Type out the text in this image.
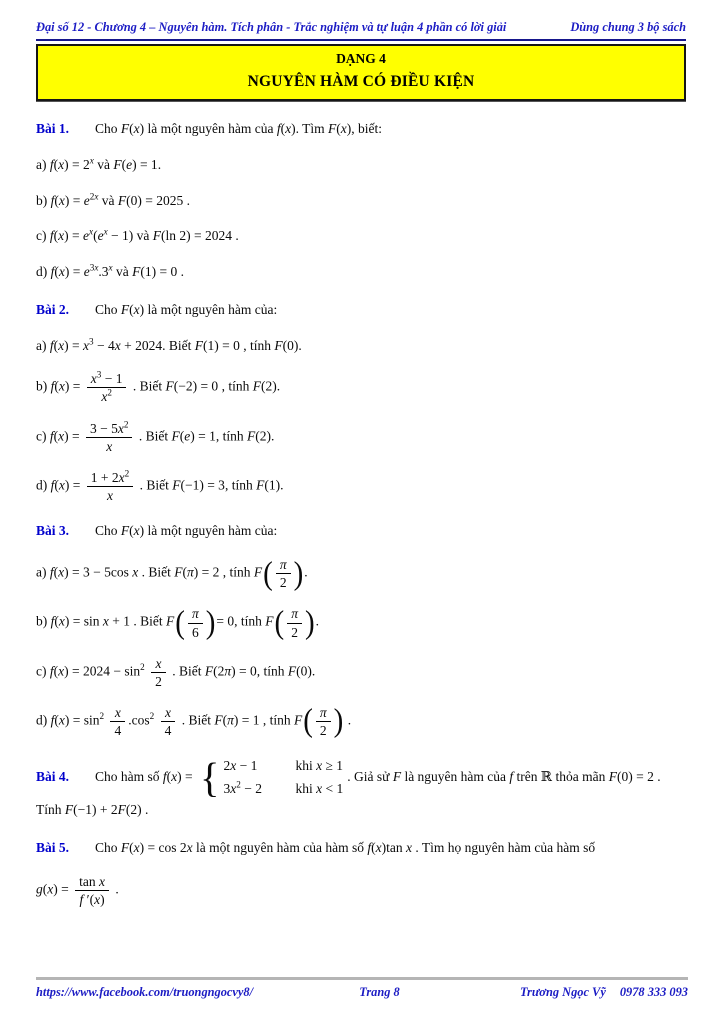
Đại số 12 - Chương 4 – Nguyên hàm. Tích phân - Trắc nghiệm và tự luận 4 phần có lời giải	Dùng chung 3 bộ sách
DẠNG 4
NGUYÊN HÀM CÓ ĐIỀU KIỆN
Bài 1. Cho F(x) là một nguyên hàm của f(x). Tìm F(x), biết:
a) $f(x) = 2^x$ và F(e) = 1.
b) $f(x) = e^{2x}$ và F(0) = 2025 .
c) $f(x) = e^x(e^x - 1)$ và F(ln 2) = 2024 .
d) $f(x) = e^{3x}.3^x$ và F(1) = 0 .
Bài 2. Cho F(x) là một nguyên hàm của:
a) $f(x) = x^3 - 4x + 2024$. Biết F(1) = 0 , tính F(0).
b) $f(x) = \frac{x^3 - 1}{x^2}$ . Biết F(−2) = 0 , tính F(2).
c) $f(x) = \frac{3 - 5x^2}{x}$ . Biết F(e) = 1, tính F(2).
d) $f(x) = \frac{1 + 2x^2}{x}$ . Biết F(−1) = 3, tính F(1).
Bài 3. Cho F(x) là một nguyên hàm của:
a) f(x) = 3 − 5cos x . Biết F(π) = 2 , tính F ( $\frac{\pi}{2}$ ) .
b) f(x) = sin x + 1 . Biết F ( $\frac{\pi}{6}$ ) = 0, tính F ( $\frac{\pi}{2}$ ) .
c) $f(x) = 2024 - \sin^2 \frac{x}{2}$ . Biết F(2π) = 0, tính F(0).
d) $f(x) = \sin^2 \frac{x}{4} .\cos^2 \frac{x}{4}$ . Biết F(π) = 1 , tính F ( $\frac{\pi}{2}$ ) .
Bài 4. Cho hàm số f(x) = { 2x − 1	khi x ≥ 1
$3x^2 - 2$	khi x < 1
. Giả sử F là nguyên hàm của f trên ℝ thỏa mãn F(0) = 2 . Tính F(−1) + 2F(2) .
Bài 5. Cho F(x) = cos 2x là một nguyên hàm của hàm số f(x)tan x . Tìm họ nguyên hàm của hàm số
$g(x) = \frac{\text{tan x}}{f '(x)}$ .
https://www.facebook.com/truongngocvy8/	Trang 8	Trương Ngọc Vỹ 0978 333 093
